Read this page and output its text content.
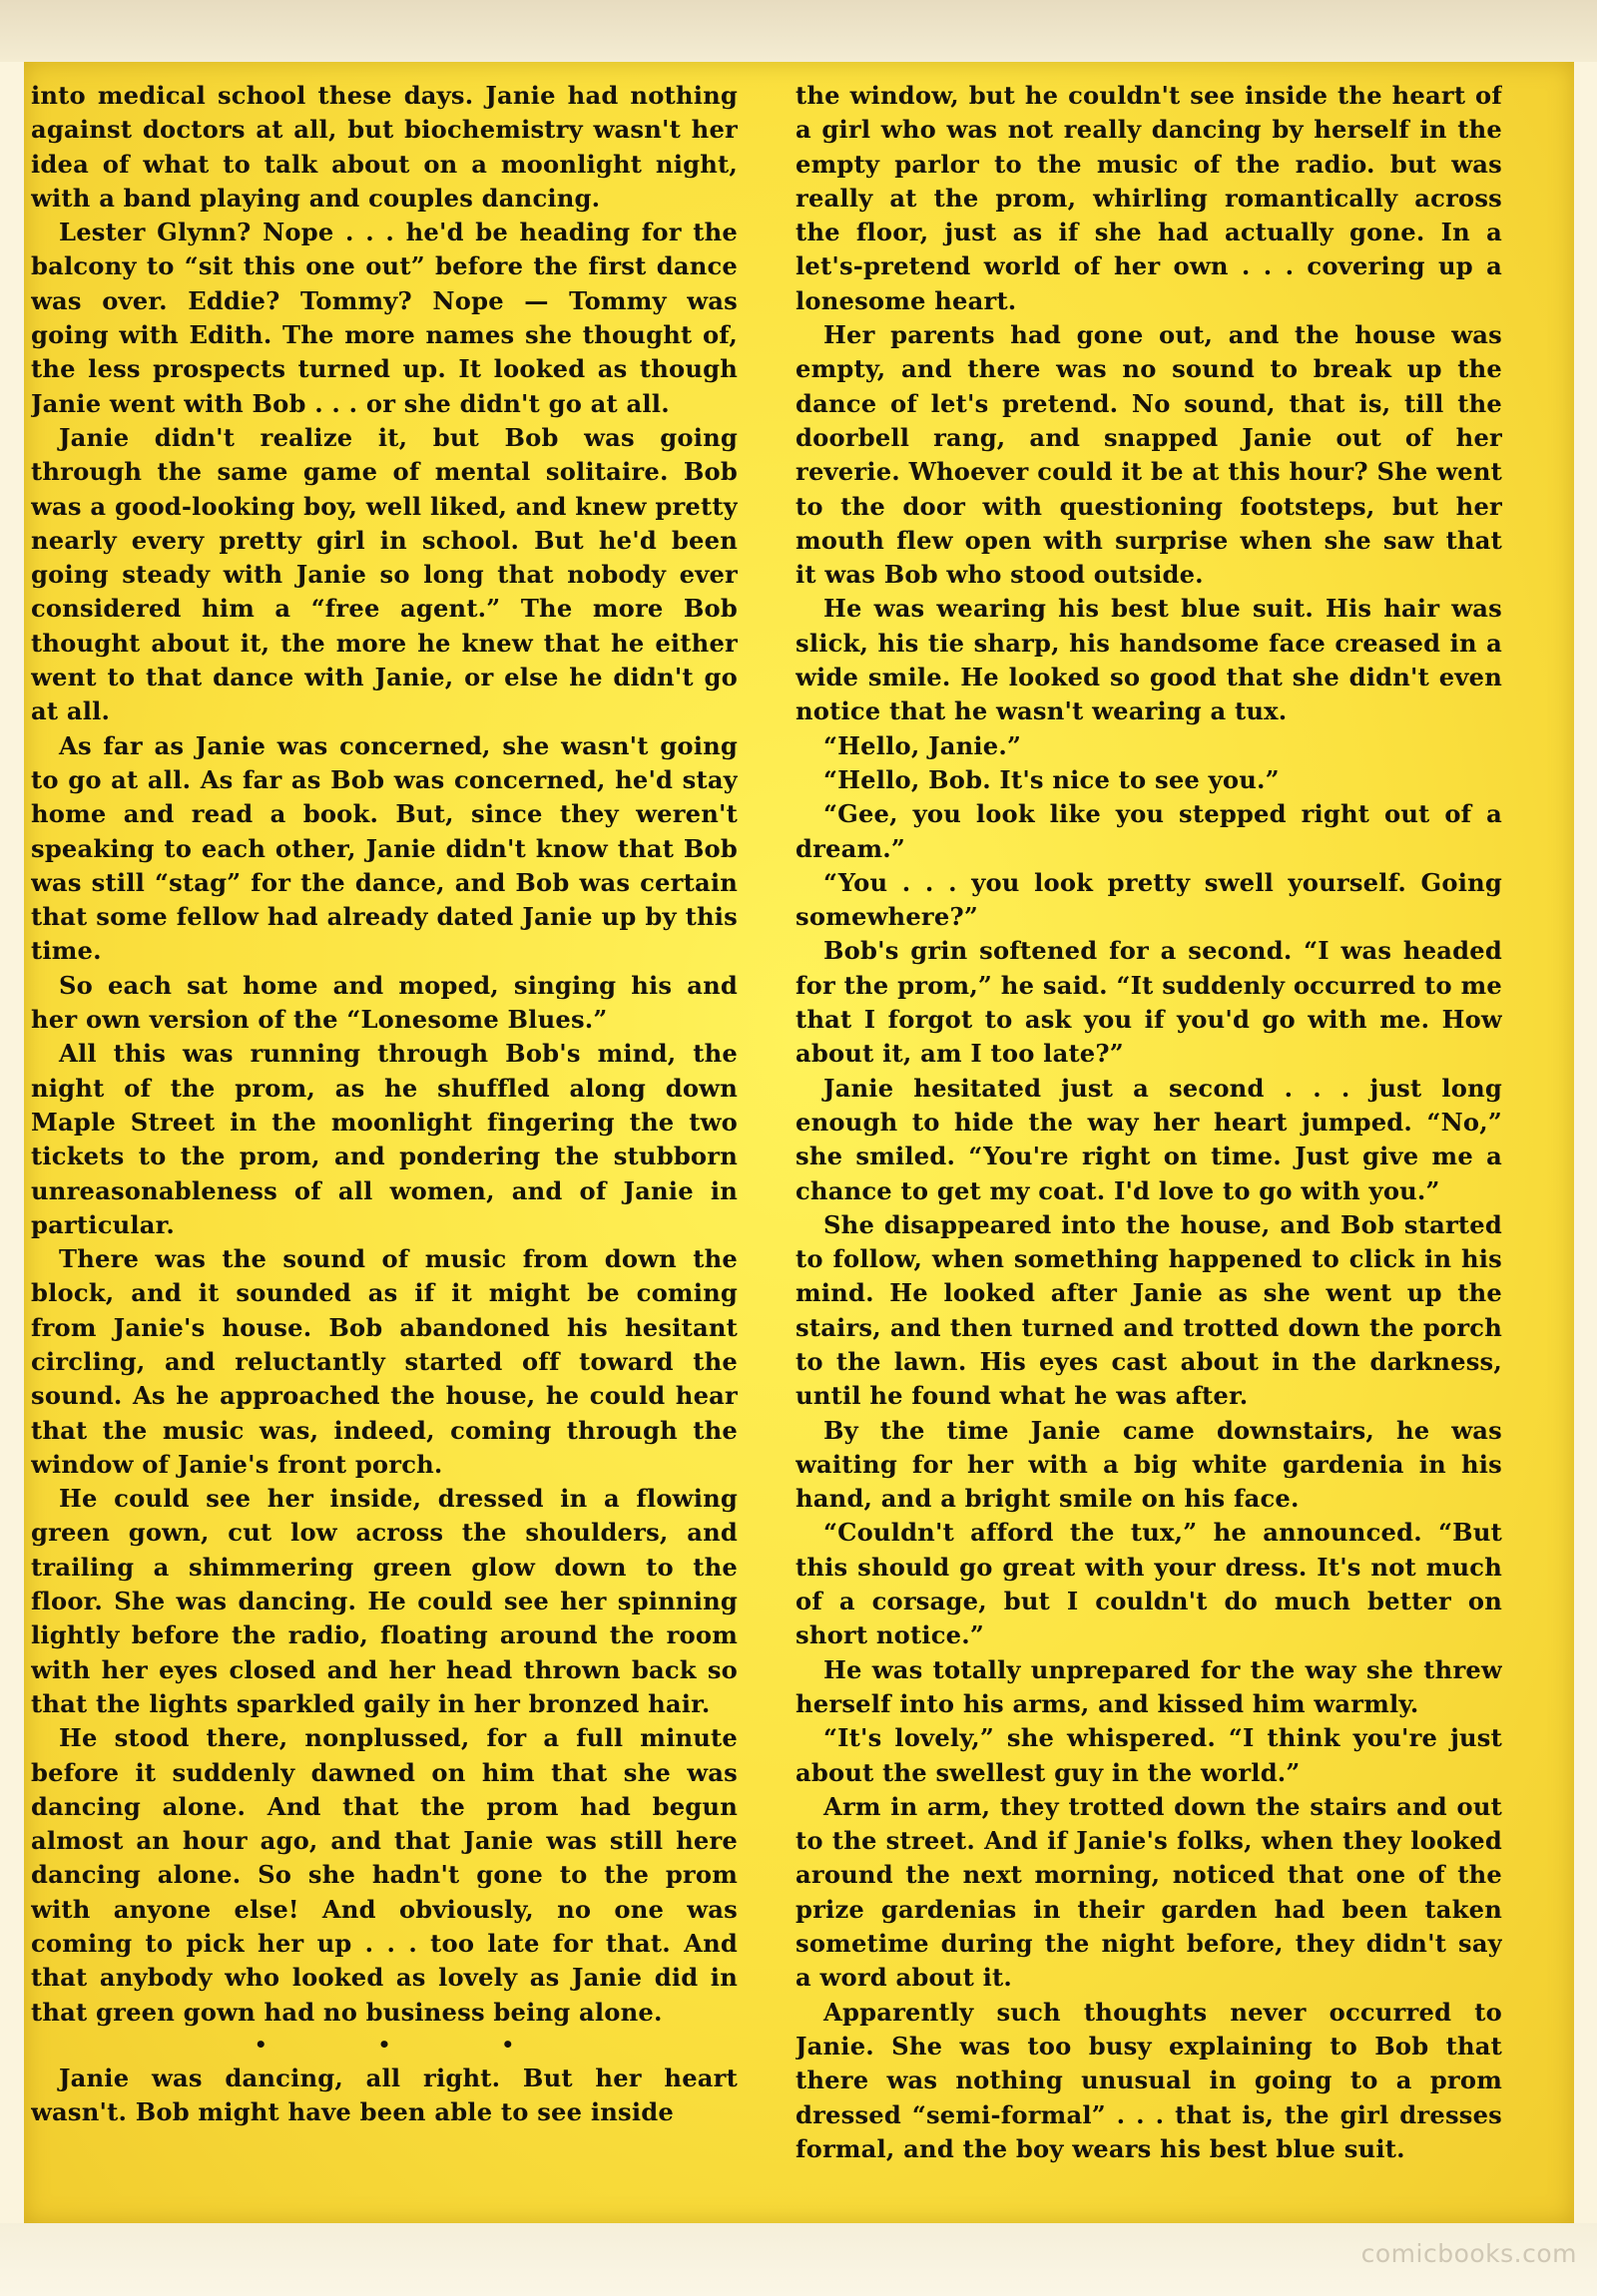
into medical school these days. Janie had nothing against doctors at all, but biochemistry wasn't her idea of what to talk about on a moonlight night, with a band playing and couples dancing.

Lester Glynn? Nope . . . he'd be heading for the balcony to “sit this one out” before the first dance was over. Eddie? Tommy? Nope — Tommy was going with Edith. The more names she thought of, the less prospects turned up. It looked as though Janie went with Bob . . . or she didn't go at all.

Janie didn't realize it, but Bob was going through the same game of mental solitaire. Bob was a good-looking boy, well liked, and knew pretty nearly every pretty girl in school. But he'd been going steady with Janie so long that nobody ever considered him a “free agent.” The more Bob thought about it, the more he knew that he either went to that dance with Janie, or else he didn't go at all.

As far as Janie was concerned, she wasn't going to go at all. As far as Bob was concerned, he'd stay home and read a book. But, since they weren't speaking to each other, Janie didn't know that Bob was still “stag” for the dance, and Bob was certain that some fellow had already dated Janie up by this time.

So each sat home and moped, singing his and her own version of the “Lonesome Blues.”

All this was running through Bob's mind, the night of the prom, as he shuffled along down Maple Street in the moonlight fingering the two tickets to the prom, and pondering the stubborn unreasonableness of all women, and of Janie in particular.

There was the sound of music from down the block, and it sounded as if it might be coming from Janie's house. Bob abandoned his hesitant circling, and reluctantly started off toward the sound. As he approached the house, he could hear that the music was, indeed, coming through the window of Janie's front porch.

He could see her inside, dressed in a flowing green gown, cut low across the shoulders, and trailing a shimmering green glow down to the floor. She was dancing. He could see her spinning lightly before the radio, floating around the room with her eyes closed and her head thrown back so that the lights sparkled gaily in her bronzed hair.

He stood there, nonplussed, for a full minute before it suddenly dawned on him that she was dancing alone. And that the prom had begun almost an hour ago, and that Janie was still here dancing alone. So she hadn't gone to the prom with anyone else! And obviously, no one was coming to pick her up . . . too late for that. And that anybody who looked as lovely as Janie did in that green gown had no business being alone.

• • •

Janie was dancing, all right. But her heart wasn't. Bob might have been able to see inside

the window, but he couldn't see inside the heart of a girl who was not really dancing by herself in the empty parlor to the music of the radio. but was really at the prom, whirling romantically across the floor, just as if she had actually gone. In a let's-pretend world of her own . . . covering up a lonesome heart.

Her parents had gone out, and the house was empty, and there was no sound to break up the dance of let's pretend. No sound, that is, till the doorbell rang, and snapped Janie out of her reverie. Whoever could it be at this hour? She went to the door with questioning footsteps, but her mouth flew open with surprise when she saw that it was Bob who stood outside.

He was wearing his best blue suit. His hair was slick, his tie sharp, his handsome face creased in a wide smile. He looked so good that she didn't even notice that he wasn't wearing a tux.

“Hello, Janie.”

“Hello, Bob. It's nice to see you.”

“Gee, you look like you stepped right out of a dream.”

“You . . . you look pretty swell yourself. Going somewhere?”

Bob's grin softened for a second. “I was headed for the prom,” he said. “It suddenly occurred to me that I forgot to ask you if you'd go with me. How about it, am I too late?”

Janie hesitated just a second . . . just long enough to hide the way her heart jumped. “No,” she smiled. “You're right on time. Just give me a chance to get my coat. I'd love to go with you.”

She disappeared into the house, and Bob started to follow, when something happened to click in his mind. He looked after Janie as she went up the stairs, and then turned and trotted down the porch to the lawn. His eyes cast about in the darkness, until he found what he was after.

By the time Janie came downstairs, he was waiting for her with a big white gardenia in his hand, and a bright smile on his face.

“Couldn't afford the tux,” he announced. “But this should go great with your dress. It's not much of a corsage, but I couldn't do much better on short notice.”

He was totally unprepared for the way she threw herself into his arms, and kissed him warmly.

“It's lovely,” she whispered. “I think you're just about the swellest guy in the world.”

Arm in arm, they trotted down the stairs and out to the street. And if Janie's folks, when they looked around the next morning, noticed that one of the prize gardenias in their garden had been taken sometime during the night before, they didn't say a word about it.

Apparently such thoughts never occurred to Janie. She was too busy explaining to Bob that there was nothing unusual in going to a prom dressed “semi-formal” . . . that is, the girl dresses formal, and the boy wears his best blue suit.

comicbooks.com
